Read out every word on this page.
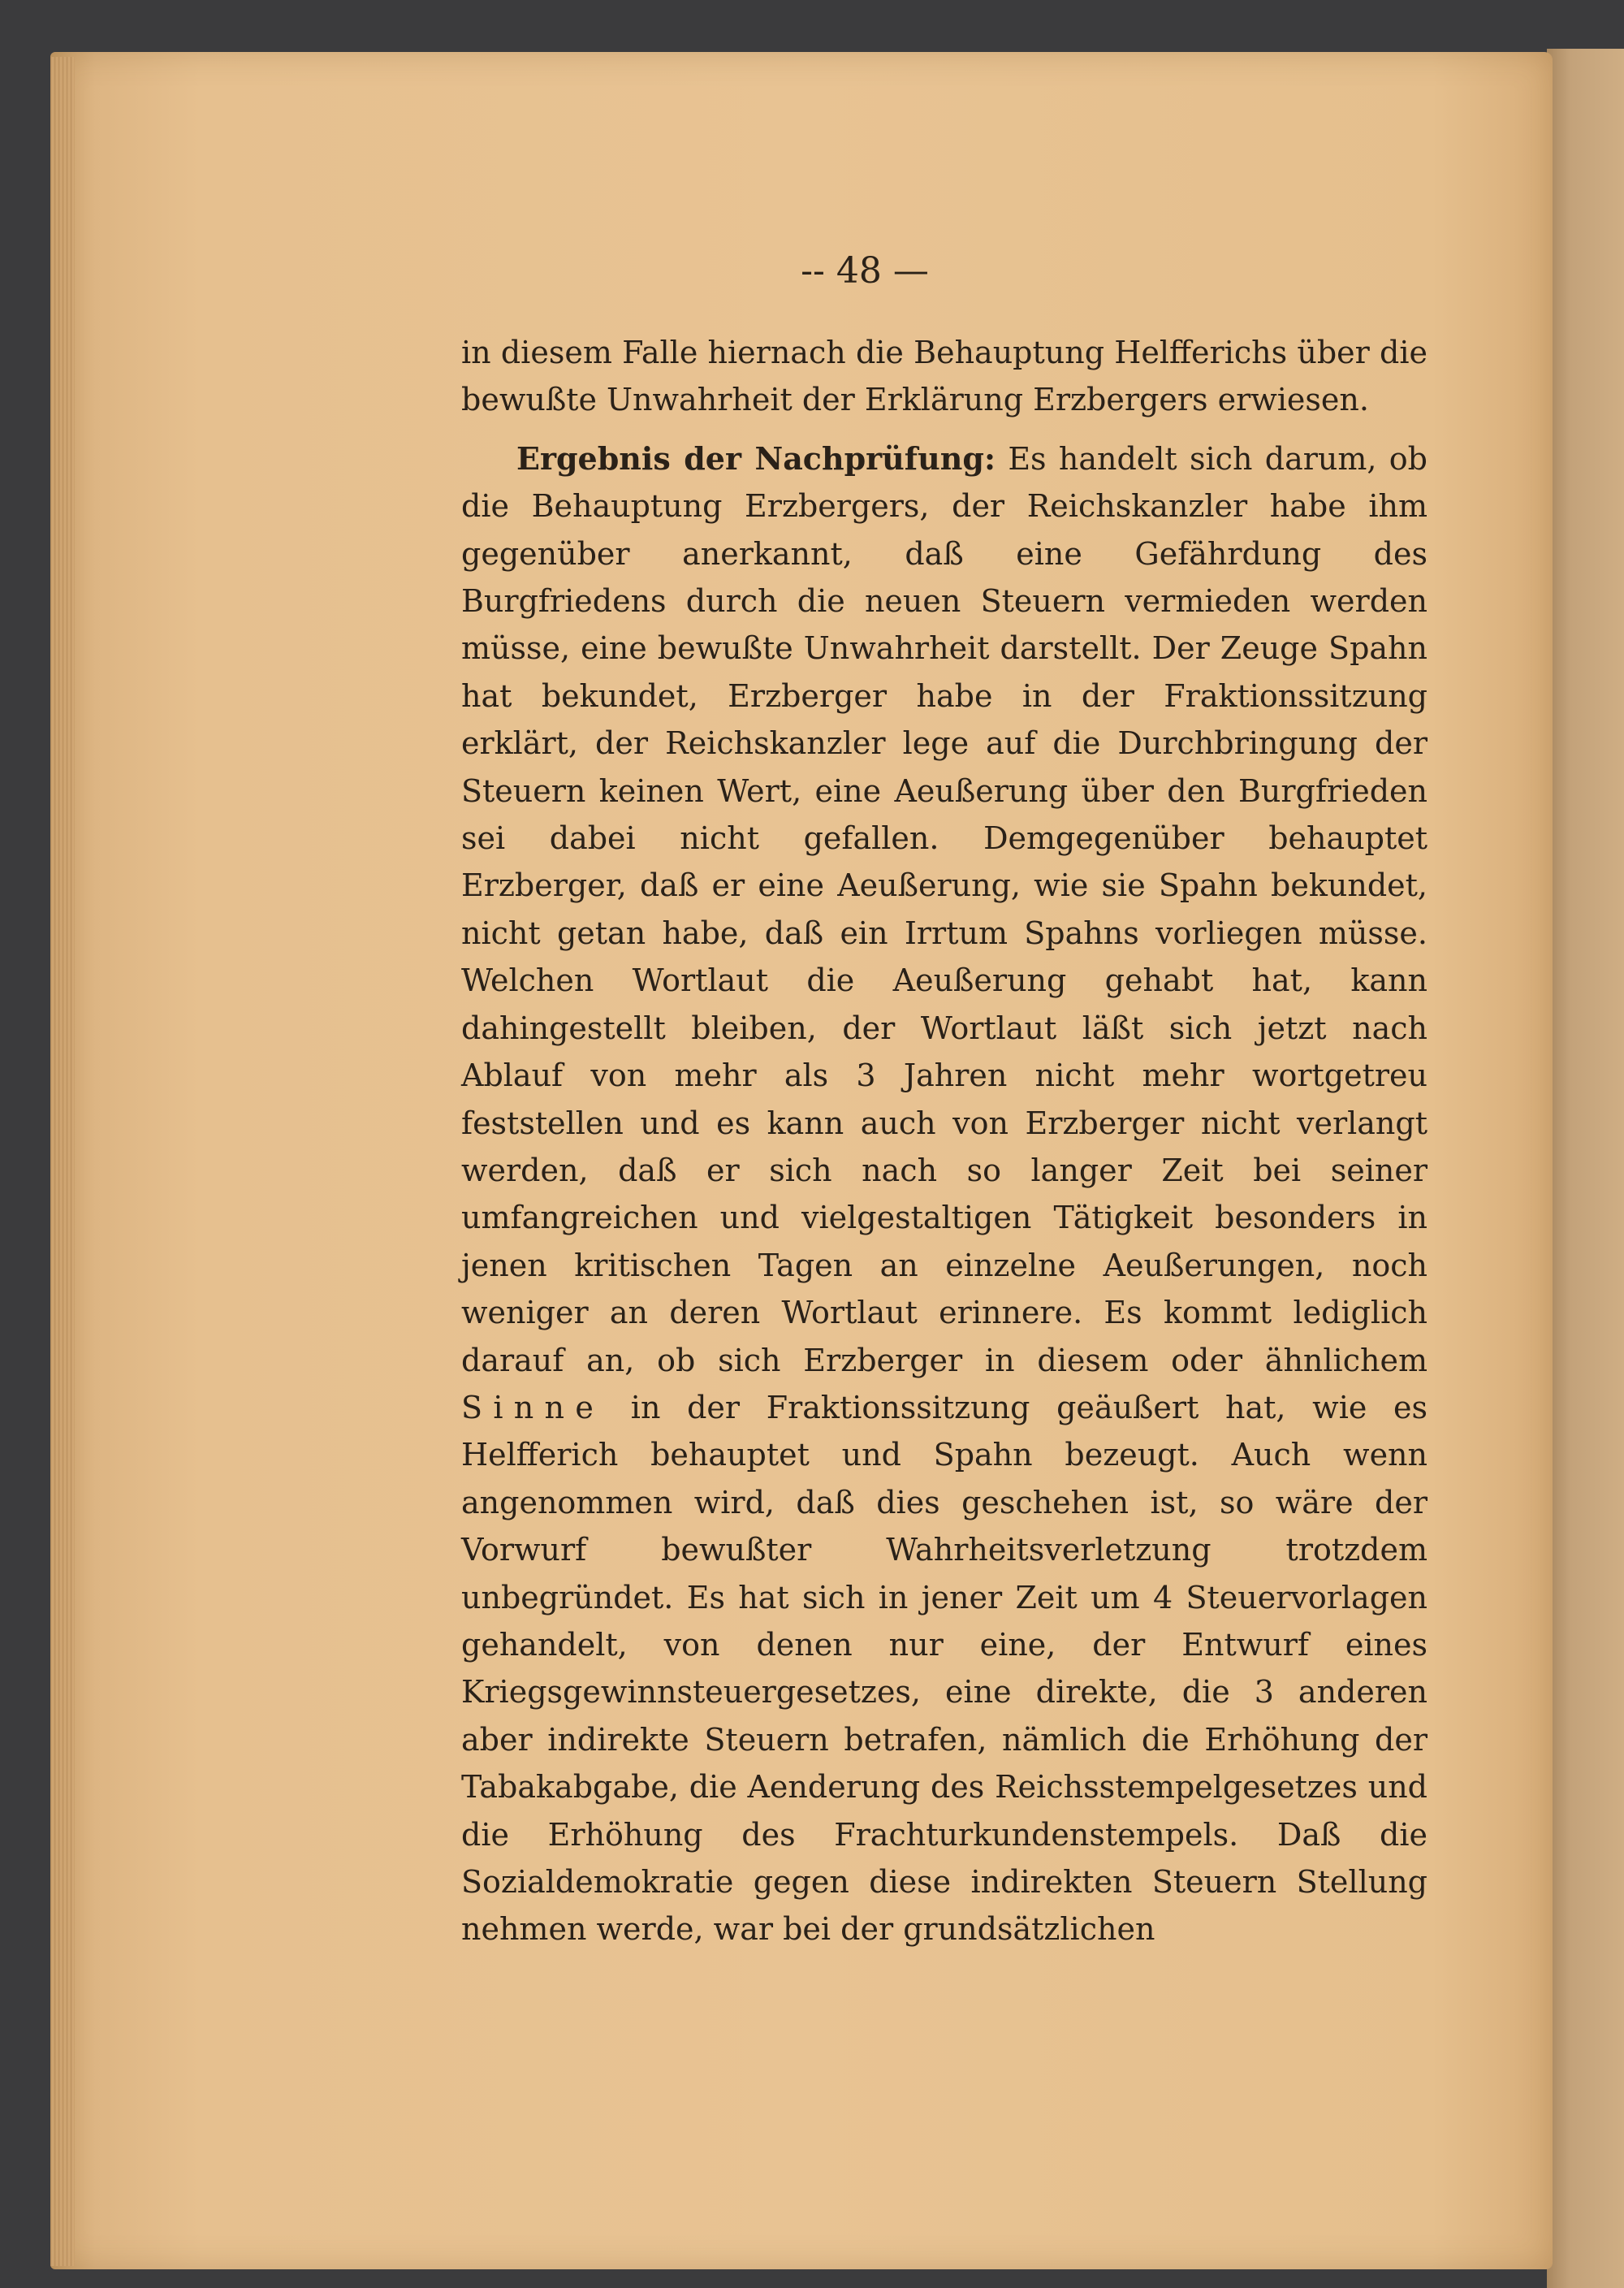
-- 48 —

in diesem Falle hiernach die Behauptung Helfferichs über die bewußte Unwahrheit der Erklärung Erzbergers erwiesen.

Ergebnis der Nachprüfung: Es handelt sich darum, ob die Behauptung Erzbergers, der Reichskanzler habe ihm gegenüber anerkannt, daß eine Gefährdung des Burgfriedens durch die neuen Steuern vermieden werden müsse, eine bewußte Unwahrheit darstellt. Der Zeuge Spahn hat bekundet, Erzberger habe in der Fraktionssitzung erklärt, der Reichskanzler lege auf die Durchbringung der Steuern keinen Wert, eine Aeußerung über den Burgfrieden sei dabei nicht gefallen. Demgegenüber behauptet Erzberger, daß er eine Aeußerung, wie sie Spahn bekundet, nicht getan habe, daß ein Irrtum Spahns vorliegen müsse. Welchen Wortlaut die Aeußerung gehabt hat, kann dahingestellt bleiben, der Wortlaut läßt sich jetzt nach Ablauf von mehr als 3 Jahren nicht mehr wortgetreu feststellen und es kann auch von Erzberger nicht verlangt werden, daß er sich nach so langer Zeit bei seiner umfangreichen und vielgestaltigen Tätigkeit besonders in jenen kritischen Tagen an einzelne Aeußerungen, noch weniger an deren Wortlaut erinnere. Es kommt lediglich darauf an, ob sich Erzberger in diesem oder ähnlichem Sinne in der Fraktionssitzung geäußert hat, wie es Helfferich behauptet und Spahn bezeugt. Auch wenn angenommen wird, daß dies geschehen ist, so wäre der Vorwurf bewußter Wahrheitsverletzung trotzdem unbegründet. Es hat sich in jener Zeit um 4 Steuervorlagen gehandelt, von denen nur eine, der Entwurf eines Kriegsgewinnsteuergesetzes, eine direkte, die 3 anderen aber indirekte Steuern betrafen, nämlich die Erhöhung der Tabakabgabe, die Aenderung des Reichsstempelgesetzes und die Erhöhung des Frachturkundenstempels. Daß die Sozialdemokratie gegen diese indirekten Steuern Stellung nehmen werde, war bei der grundsätzlichen
